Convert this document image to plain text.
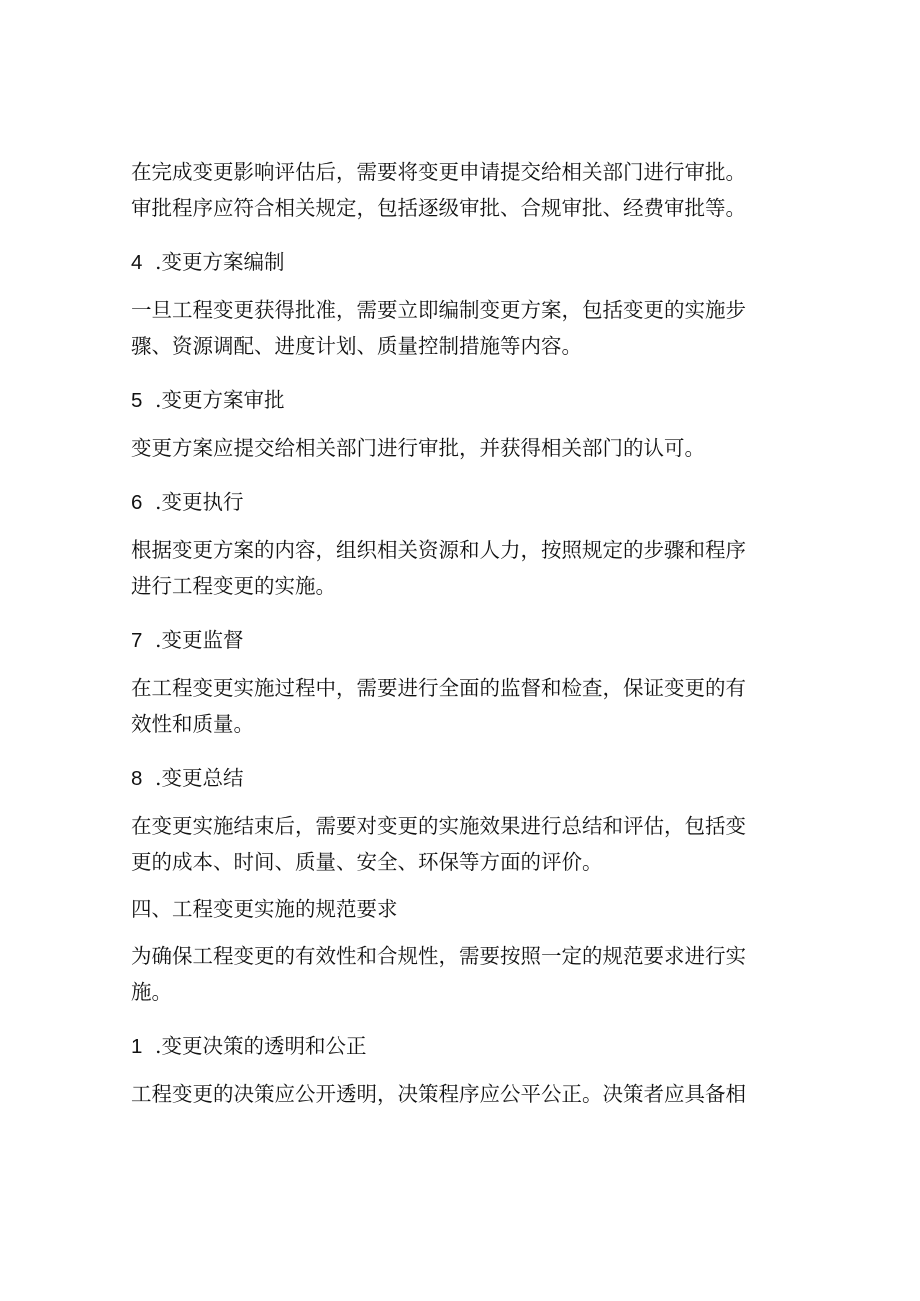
在完成变更影响评估后，需要将变更申请提交给相关部门进行审批。
审批程序应符合相关规定，包括逐级审批、合规审批、经费审批等。

4 .变更方案编制

一旦工程变更获得批准，需要立即编制变更方案，包括变更的实施步
骤、资源调配、进度计划、质量控制措施等内容。

5 .变更方案审批

变更方案应提交给相关部门进行审批，并获得相关部门的认可。

6 .变更执行

根据变更方案的内容，组织相关资源和人力，按照规定的步骤和程序
进行工程变更的实施。

7 .变更监督

在工程变更实施过程中，需要进行全面的监督和检查，保证变更的有
效性和质量。

8 .变更总结

在变更实施结束后，需要对变更的实施效果进行总结和评估，包括变
更的成本、时间、质量、安全、环保等方面的评价。

四、工程变更实施的规范要求

为确保工程变更的有效性和合规性，需要按照一定的规范要求进行实
施。

1 .变更决策的透明和公正

工程变更的决策应公开透明，决策程序应公平公正。决策者应具备相
